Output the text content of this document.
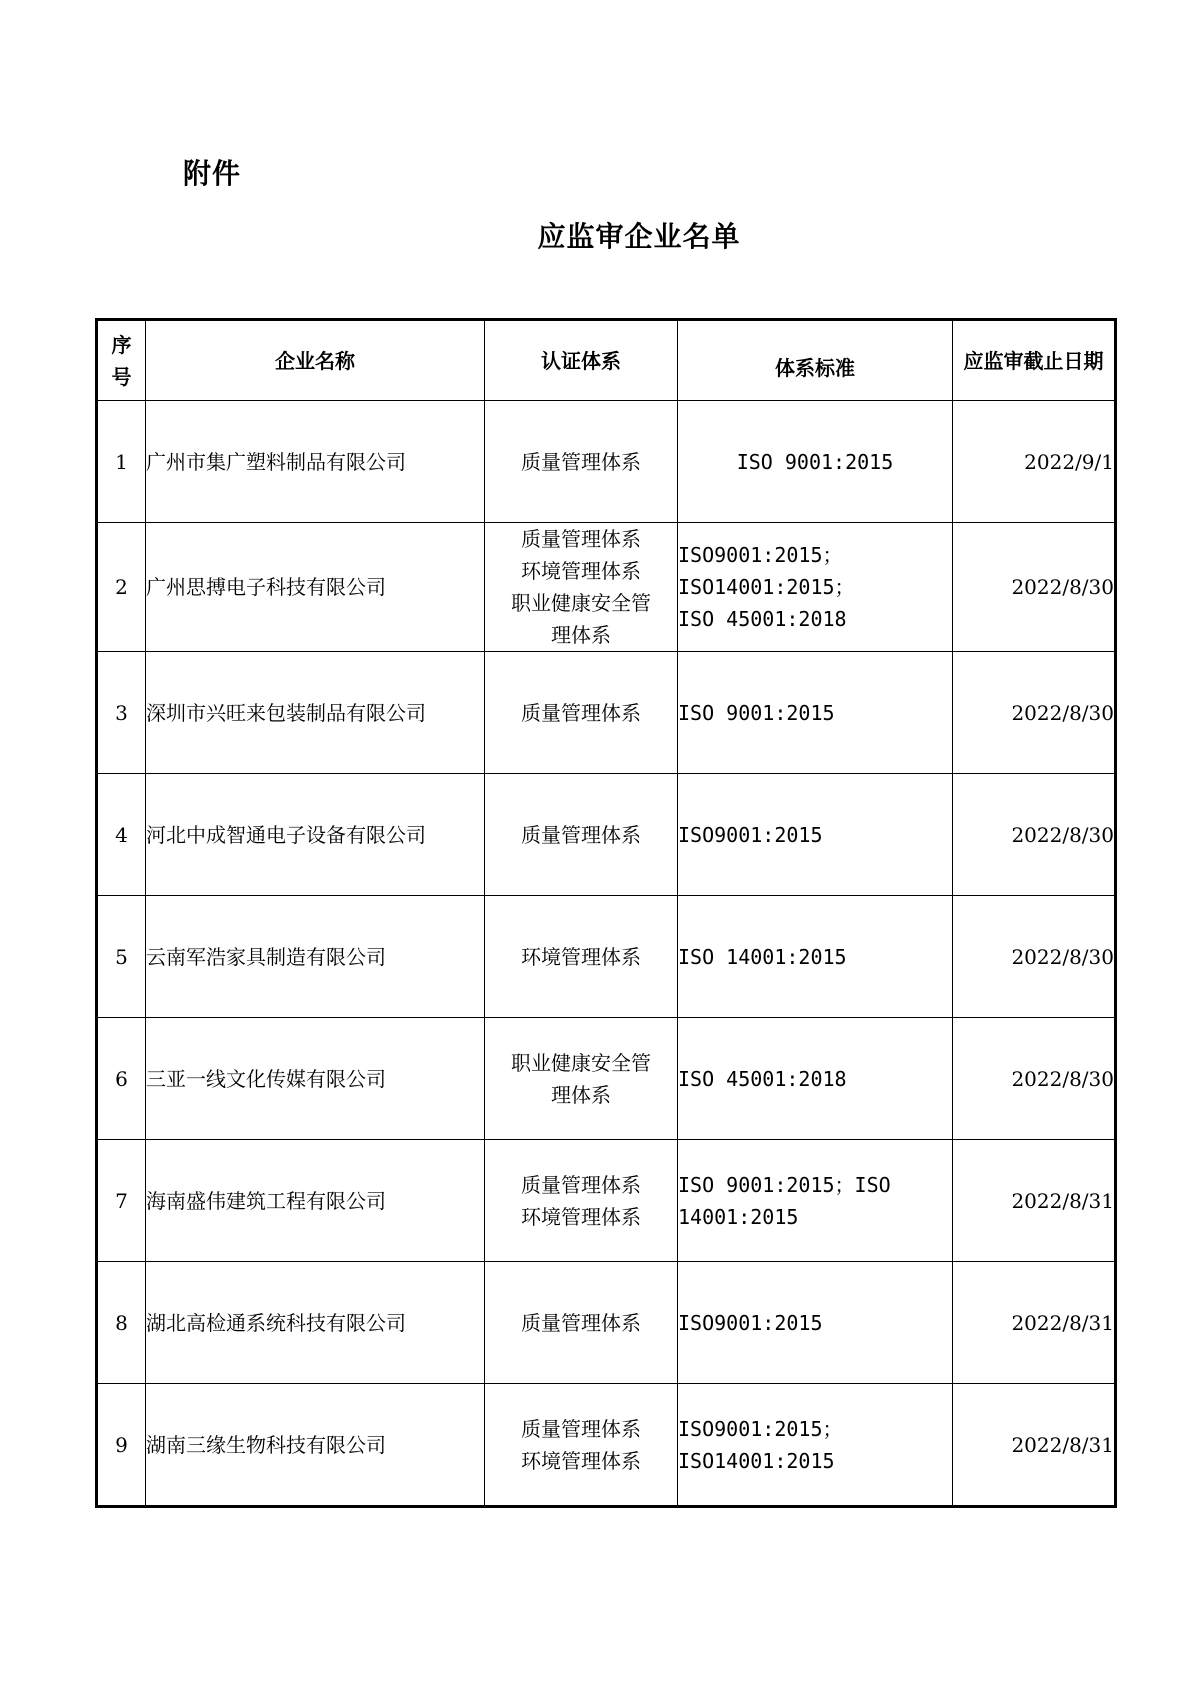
附件
应监审企业名单
序
号	企业名称	认证体系	体系标准	应监审截止日期

1	广州市集广塑料制品有限公司	质量管理体系	ISO 9001:2015	2022/9/1
2	广州思搏电子科技有限公司	质量管理体系
环境管理体系
职业健康安全管
理体系	ISO9001:2015；
ISO14001:2015；
ISO 45001:2018	2022/8/30
3	深圳市兴旺来包装制品有限公司	质量管理体系	ISO 9001:2015	2022/8/30
4	河北中成智通电子设备有限公司	质量管理体系	ISO9001:2015	2022/8/30
5	云南军浩家具制造有限公司	环境管理体系	ISO 14001:2015	2022/8/30
6	三亚一线文化传媒有限公司	职业健康安全管
理体系	ISO 45001:2018	2022/8/30
7	海南盛伟建筑工程有限公司	质量管理体系
环境管理体系	ISO 9001:2015；ISO
14001:2015	2022/8/31
8	湖北高检通系统科技有限公司	质量管理体系	ISO9001:2015	2022/8/31
9	湖南三缘生物科技有限公司	质量管理体系
环境管理体系	ISO9001:2015；
ISO14001:2015	2022/8/31
